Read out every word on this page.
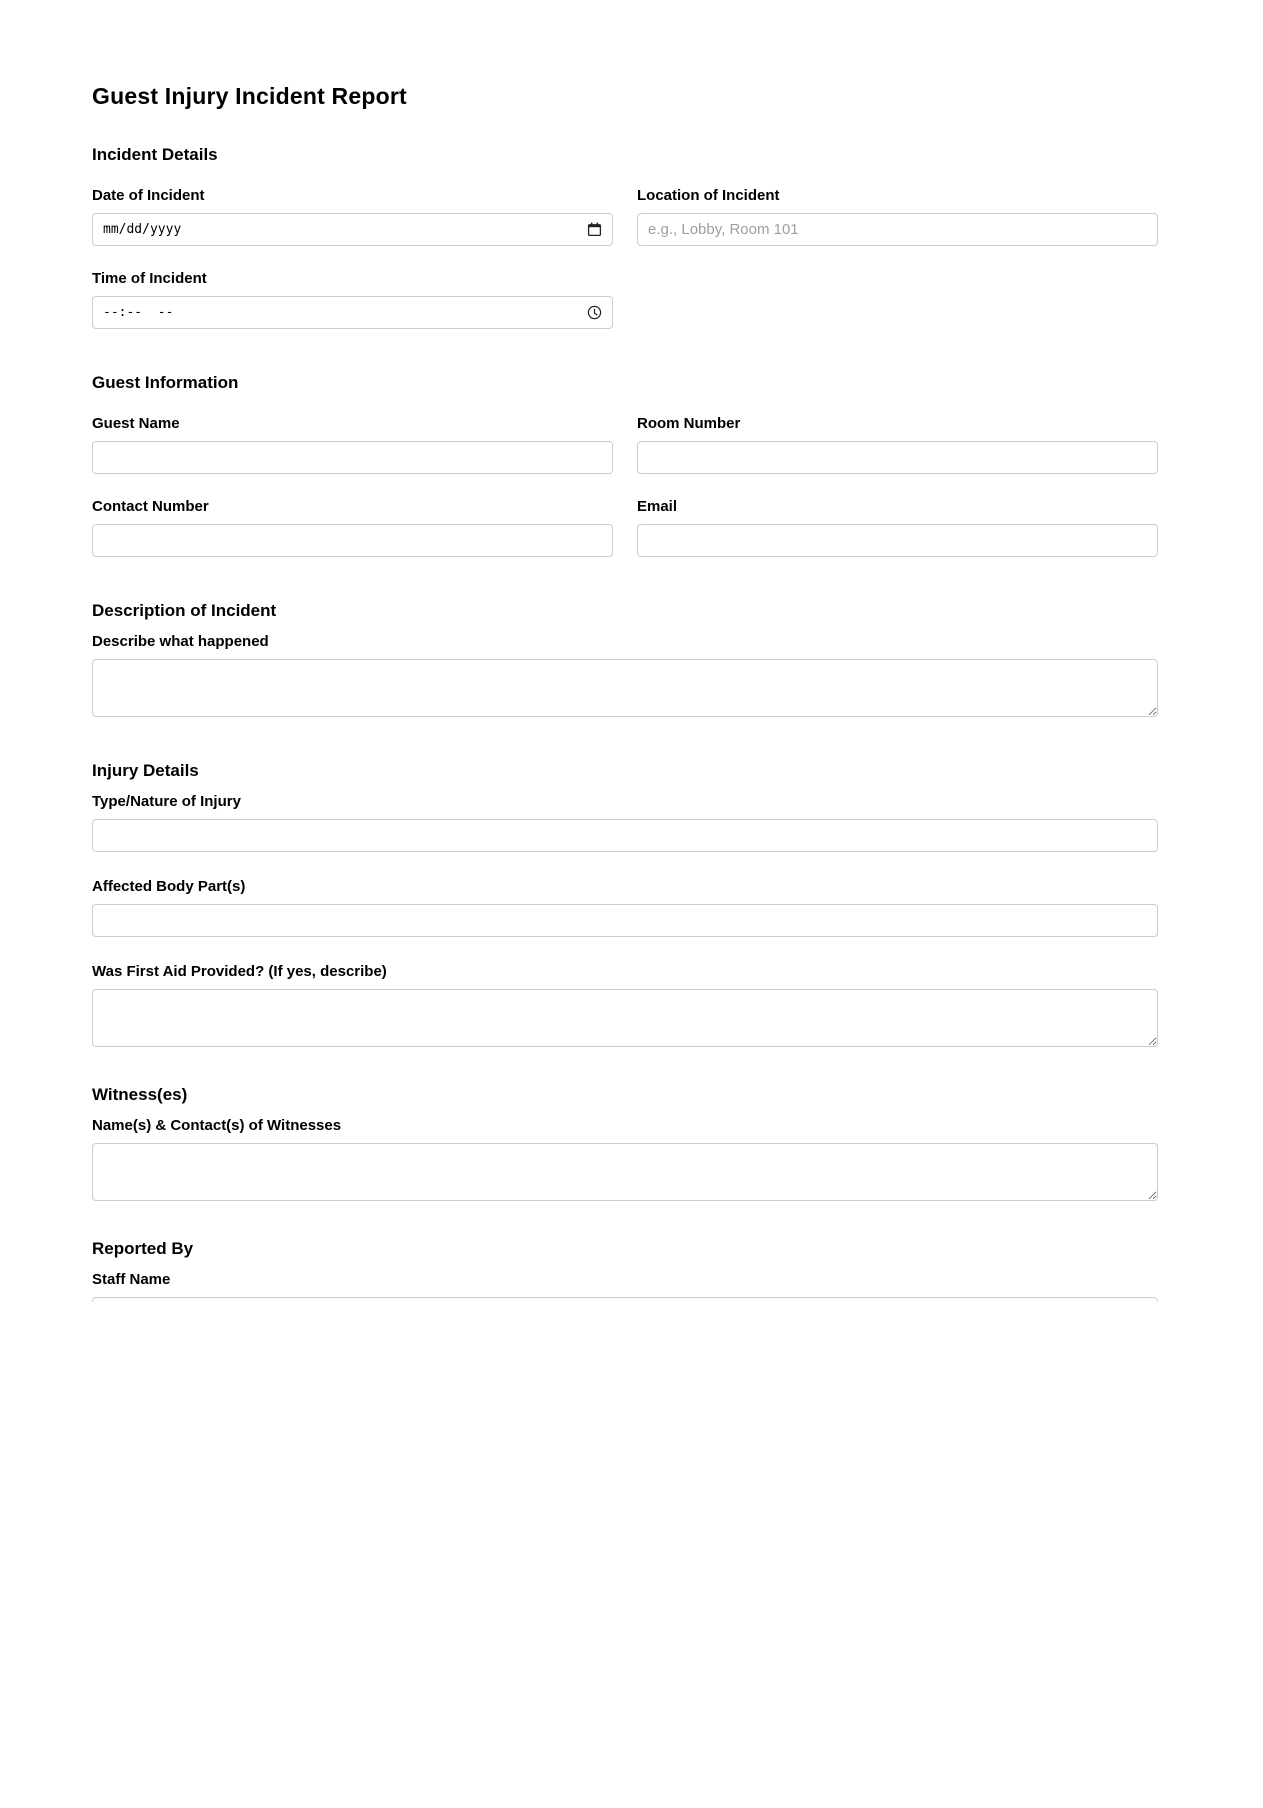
Guest Injury Incident Report
Incident Details
Date of Incident
mm/dd/yyyy
Location of Incident
e.g., Lobby, Room 101
Time of Incident
--:--  --
Guest Information
Guest Name	Room Number
Contact Number	Email
Description of Incident
Describe what happened
Injury Details
Type/Nature of Injury
Affected Body Part(s)
Was First Aid Provided? (If yes, describe)
Witness(es)
Name(s) & Contact(s) of Witnesses
Reported By
Staff Name
